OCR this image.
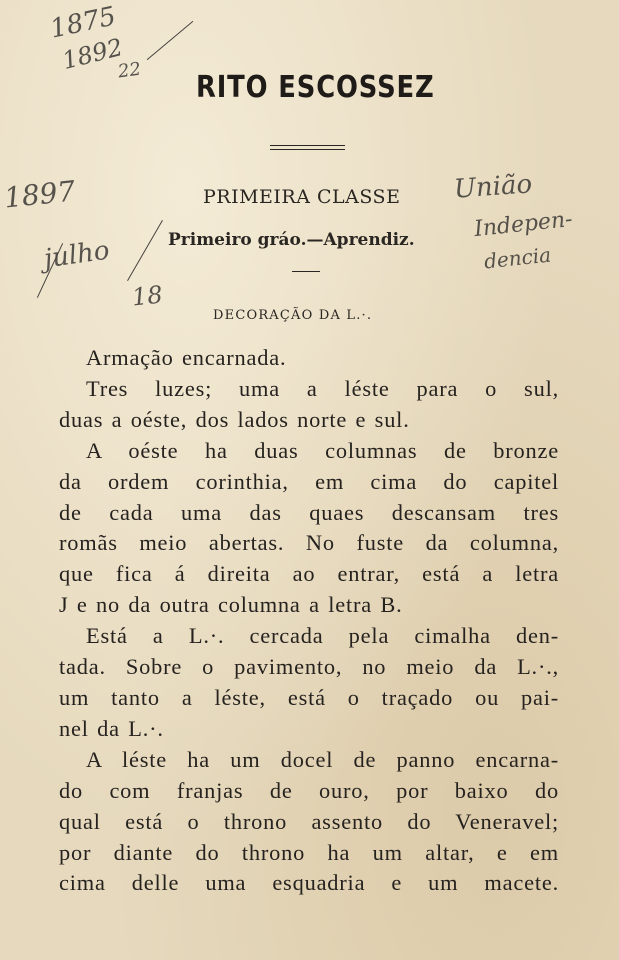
1875
1892
22
1897
julho
18
União
Indepen-
dencia
RITO ESCOSSEZ
PRIMEIRA CLASSE
Primeiro gráo.—Aprendiz.
DECORAÇÃO DA L.·.

Armação encarnada.

Tres luzes; uma a léste para o sul,
duas a oéste, dos lados norte e sul.

A oéste ha duas columnas de bronze
da ordem corinthia, em cima do capitel
de cada uma das quaes descansam tres
romãs meio abertas. No fuste da columna,
que fica á direita ao entrar, está a letra
J e no da outra columna a letra B.

Está a L.·. cercada pela cimalha den-
tada. Sobre o pavimento, no meio da L.·.,
um tanto a léste, está o traçado ou pai-
nel da L.·.

A léste ha um docel de panno encarna-
do com franjas de ouro, por baixo do
qual está o throno assento do Veneravel;
por diante do throno ha um altar, e em
cima delle uma esquadria e um macete.
